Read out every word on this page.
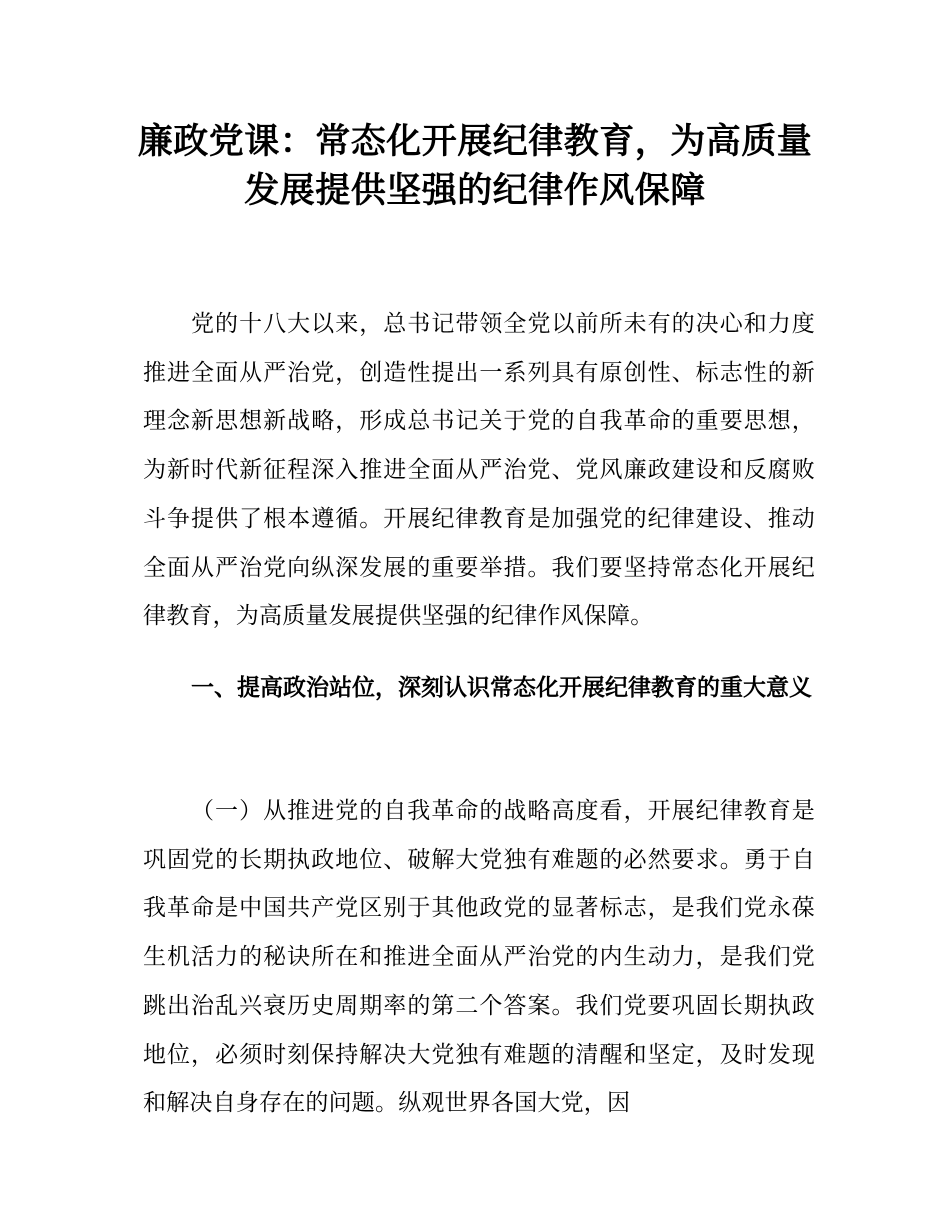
廉政党课：常态化开展纪律教育，为高质量
发展提供坚强的纪律作风保障

党的十八大以来，总书记带领全党以前所未有的决心和力度推进全面从严治党，创造性提出一系列具有原创性、标志性的新理念新思想新战略，形成总书记关于党的自我革命的重要思想，为新时代新征程深入推进全面从严治党、党风廉政建设和反腐败斗争提供了根本遵循。开展纪律教育是加强党的纪律建设、推动全面从严治党向纵深发展的重要举措。我们要坚持常态化开展纪律教育，为高质量发展提供坚强的纪律作风保障。

一、提高政治站位，深刻认识常态化开展纪律教育的重大意义

（一）从推进党的自我革命的战略高度看，开展纪律教育是巩固党的长期执政地位、破解大党独有难题的必然要求。勇于自我革命是中国共产党区别于其他政党的显著标志，是我们党永葆生机活力的秘诀所在和推进全面从严治党的内生动力，是我们党跳出治乱兴衰历史周期率的第二个答案。我们党要巩固长期执政地位，必须时刻保持解决大党独有难题的清醒和坚定，及时发现和解决自身存在的问题。纵观世界各国大党，因
